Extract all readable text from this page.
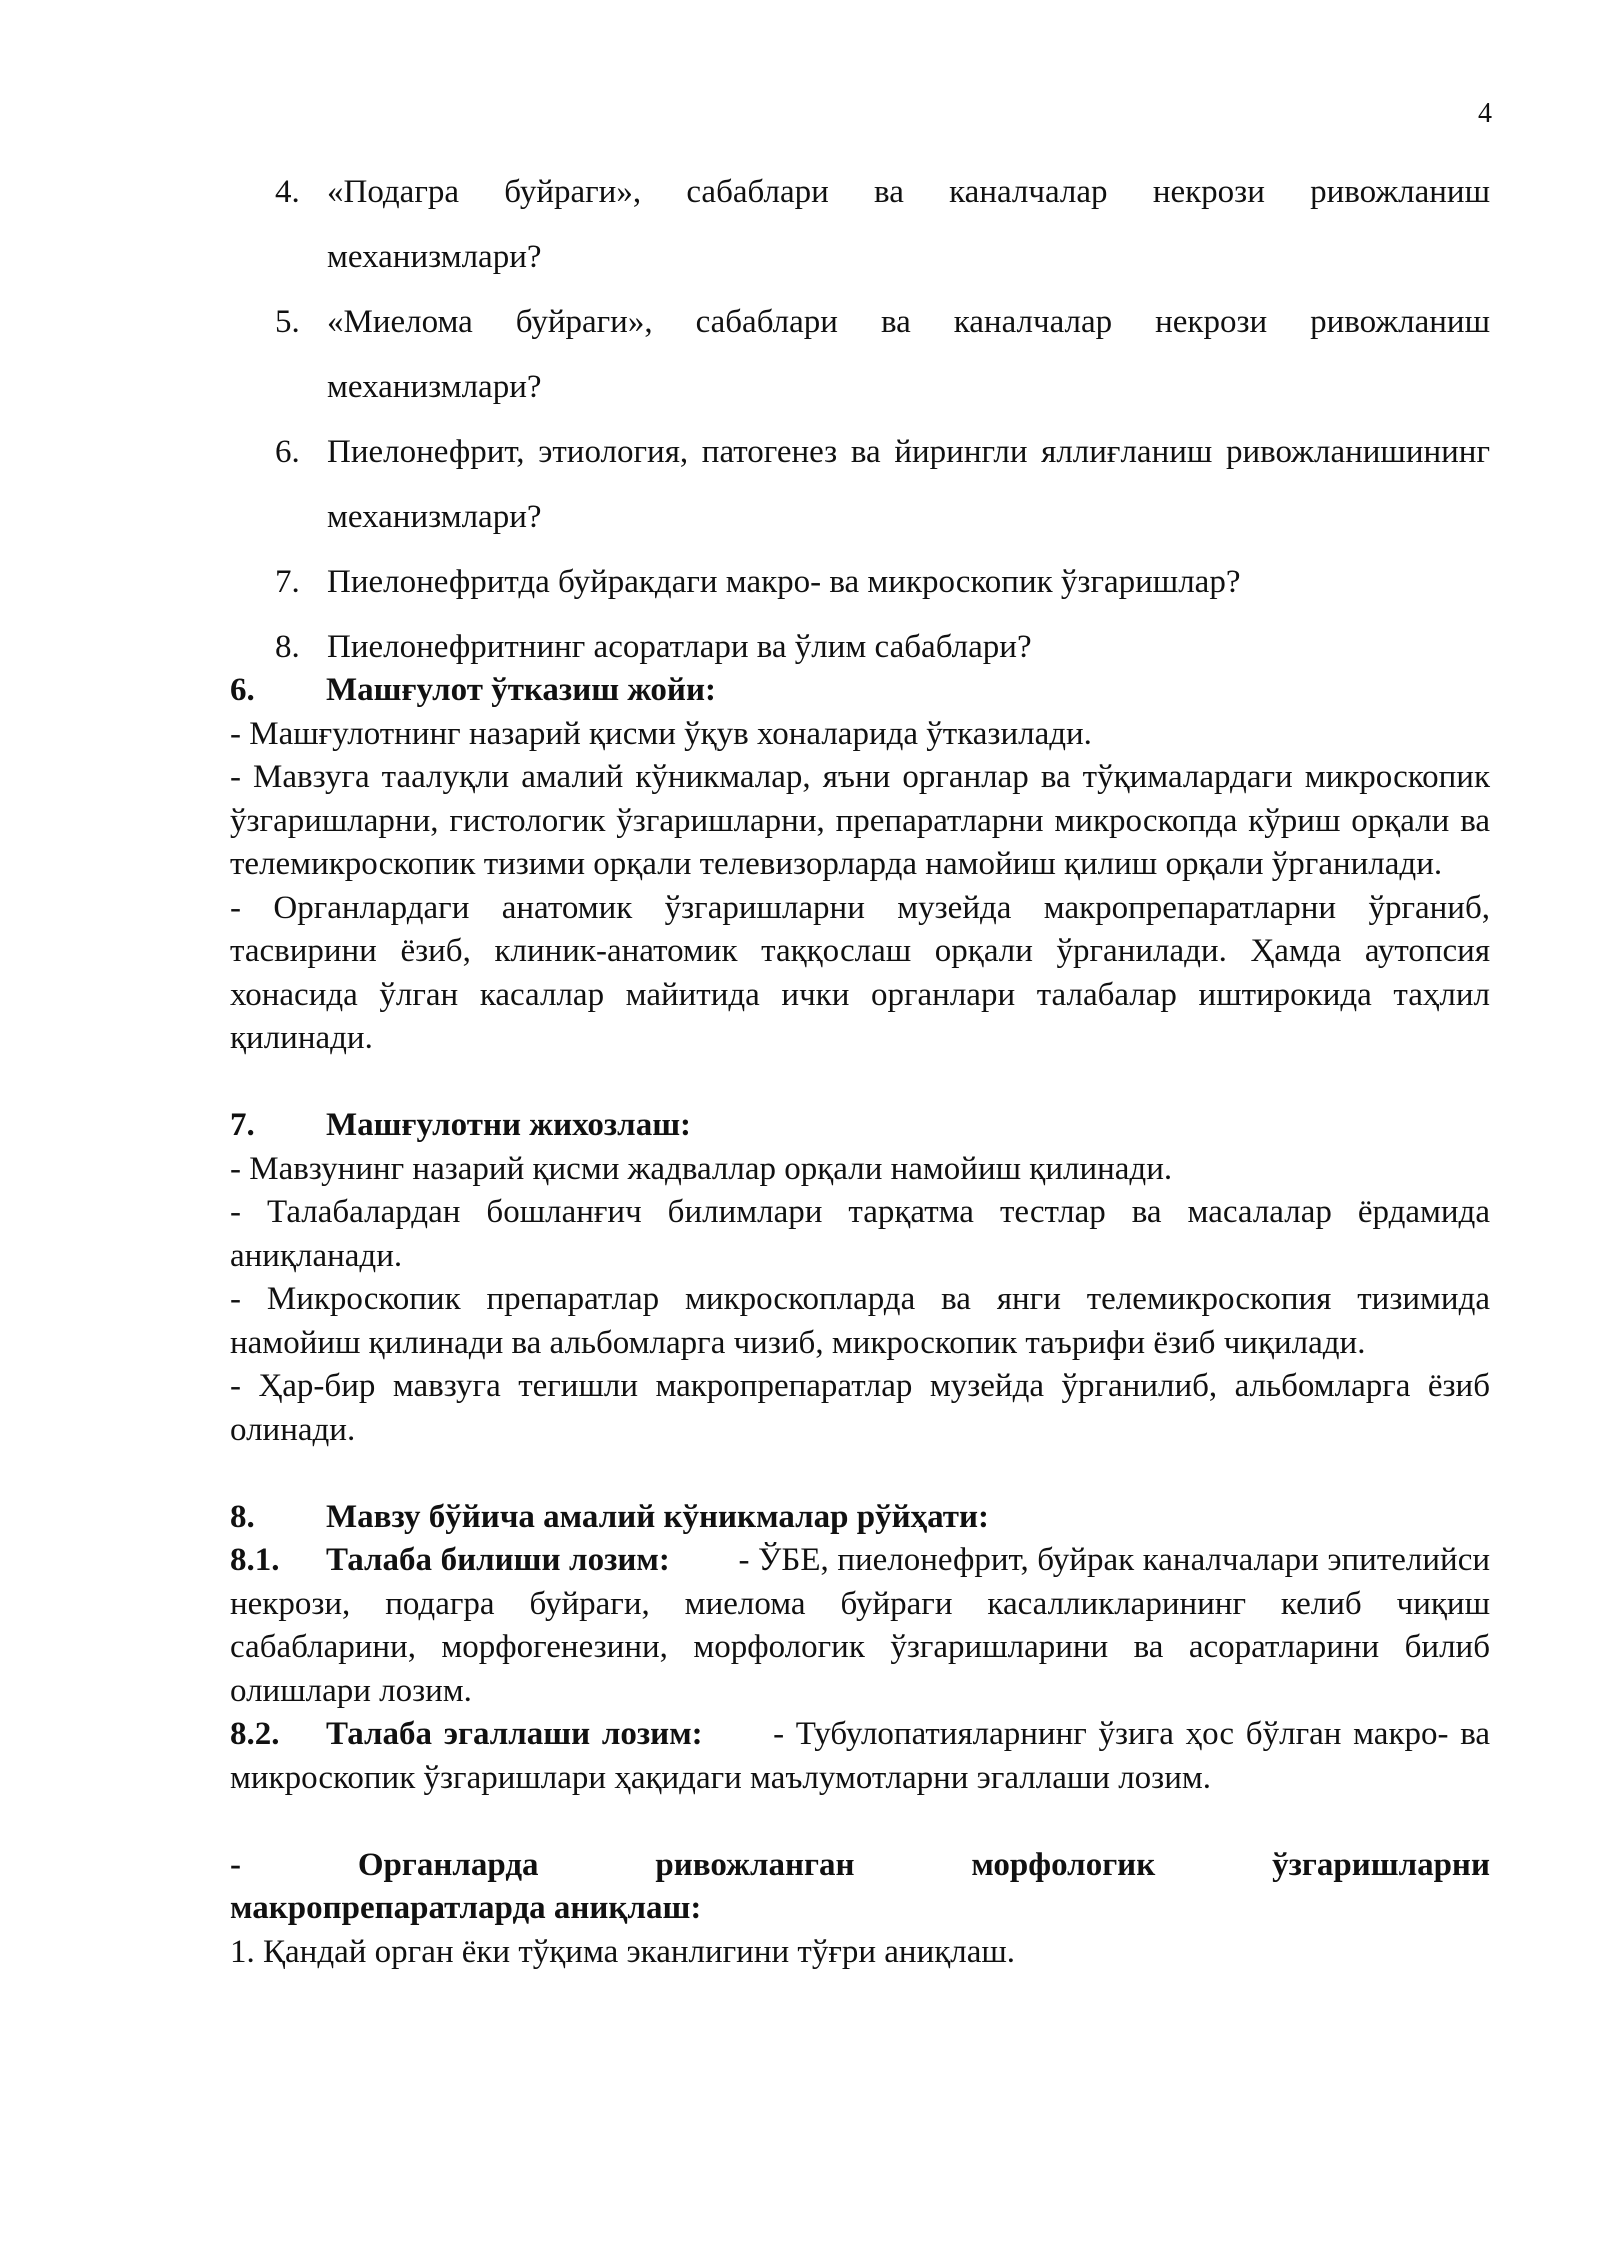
4
4. «Подагра буйраги», сабаблари ва каналчалар некрози ривожланиш механизмлари?
5. «Миелома буйраги», сабаблари ва каналчалар некрози ривожланиш механизмлари?
6. Пиелонефрит, этиология, патогенез ва йирингли яллиғланиш ривожланишининг механизмлари?
7. Пиелонефритда буйракдаги макро- ва микроскопик ўзгаришлар?
8. Пиелонефритнинг асоратлари ва ўлим сабаблари?

6. Машғулот ўтказиш жойи:

- Машғулотнинг назарий қисми ўқув хоналарида ўтказилади.

- Мавзуга таалуқли амалий кўникмалар, яъни органлар ва тўқималардаги микроскопик ўзгаришларни, гистологик ўзгаришларни, препаратларни микроскопда кўриш орқали ва телемикроскопик тизими орқали телевизорларда намойиш қилиш орқали ўрганилади.

- Органлардаги анатомик ўзгаришларни музейда макропрепаратларни ўрганиб, тасвирини ёзиб, клиник-анатомик таққослаш орқали ўрганилади. Ҳамда аутопсия хонасида ўлган касаллар майитида ички органлари талабалар иштирокида таҳлил қилинади.

7. Машғулотни жихозлаш:

- Мавзунинг назарий қисми жадваллар орқали намойиш қилинади.

- Талабалардан бошланғич билимлари тарқатма тестлар ва масалалар ёрдамида аниқланади.

- Микроскопик препаратлар микроскопларда ва янги телемикроскопия тизимида намойиш қилинади ва альбомларга чизиб, микроскопик таърифи ёзиб чиқилади.

- Ҳар-бир мавзуга тегишли макропрепаратлар музейда ўрганилиб, альбомларга ёзиб олинади.

8. Мавзу бўйича амалий кўникмалар рўйҳати:

8.1. Талаба билиши лозим: - ЎБЕ, пиелонефрит, буйрак каналчалари эпителийси некрози, подагра буйраги, миелома буйраги касалликларининг келиб чиқиш сабабларини, морфогенезини, морфологик ўзгаришларини ва асоратларини билиб олишлари лозим.

8.2. Талаба эгаллаши лозим: - Тубулопатияларнинг ўзига ҳос бўлган макро- ва микроскопик ўзгаришлари ҳақидаги маълумотларни эгаллаши лозим.

-	Органларда	ривожланган	морфологик	ўзгаришларни

макропрепаратларда аниқлаш:

1. Қандай орган ёки тўқима эканлигини тўғри аниқлаш.
